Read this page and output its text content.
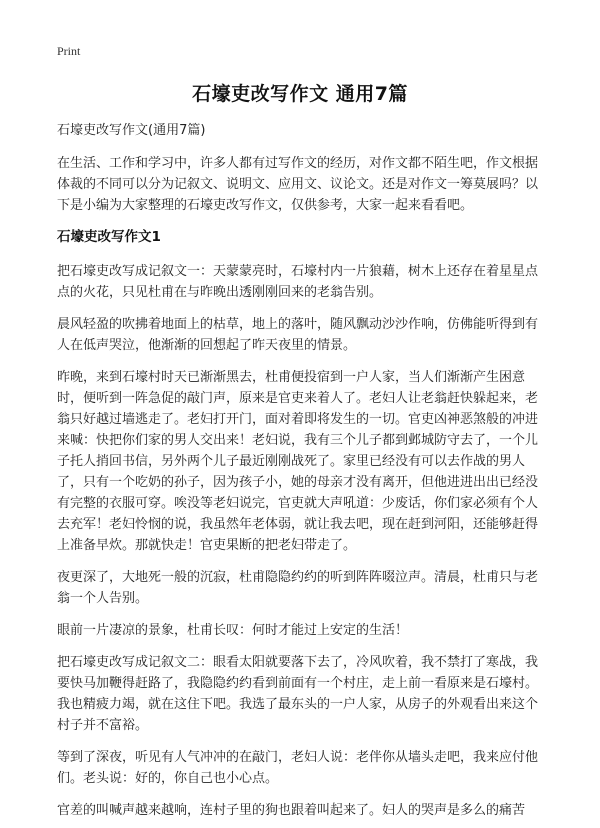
Print
石壕吏改写作文 通用7篇

石壕吏改写作文(通用7篇)

在生活、工作和学习中，许多人都有过写作文的经历，对作文都不陌生吧，作文根据体裁的不同可以分为记叙文、说明文、应用文、议论文。还是对作文一筹莫展吗？以下是小编为大家整理的石壕吏改写作文，仅供参考，大家一起来看看吧。

石壕吏改写作文1

把石壕吏改写成记叙文一：天蒙蒙亮时，石壕村内一片狼藉，树木上还存在着星星点点的火花，只见杜甫在与昨晚出透刚刚回来的老翁告别。

晨风轻盈的吹拂着地面上的枯草，地上的落叶，随风飘动沙沙作响，仿佛能听得到有人在低声哭泣，他渐渐的回想起了昨天夜里的情景。

昨晚，来到石壕村时天已渐渐黑去，杜甫便投宿到一户人家，当人们渐渐产生困意时，便听到一阵急促的敲门声，原来是官吏来着人了。老妇人让老翁赶快躲起来，老翁只好越过墙逃走了。老妇打开门，面对着即将发生的一切。官吏凶神恶煞般的冲进来喊：快把你们家的男人交出来！老妇说，我有三个儿子都到邺城防守去了，一个儿子托人捎回书信，另外两个儿子最近刚刚战死了。家里已经没有可以去作战的男人了，只有一个吃奶的孙子，因为孩子小，她的母亲才没有离开，但他进进出出已经没有完整的衣服可穿。唉没等老妇说完，官吏就大声吼道：少废话，你们家必须有个人去充军！老妇怜悯的说，我虽然年老体弱，就让我去吧，现在赶到河阳，还能够赶得上准备早炊。那就快走！官吏果断的把老妇带走了。

夜更深了，大地死一般的沉寂，杜甫隐隐约约的听到阵阵啜泣声。清晨，杜甫只与老翁一个人告别。

眼前一片凄凉的景象，杜甫长叹：何时才能过上安定的生活！

把石壕吏改写成记叙文二：眼看太阳就要落下去了，冷风吹着，我不禁打了寒战，我要快马加鞭得赶路了，我隐隐约约看到前面有一个村庄，走上前一看原来是石壕村。我也精疲力竭，就在这住下吧。我选了最东头的一户人家，从房子的外观看出来这个村子并不富裕。

等到了深夜，听见有人气冲冲的在敲门，老妇人说：老伴你从墙头走吧，我来应付他们。老头说：好的，你自己也小心点。

官差的叫喊声越来越响，连村子里的狗也跟着叫起来了。妇人的哭声是多么的痛苦
